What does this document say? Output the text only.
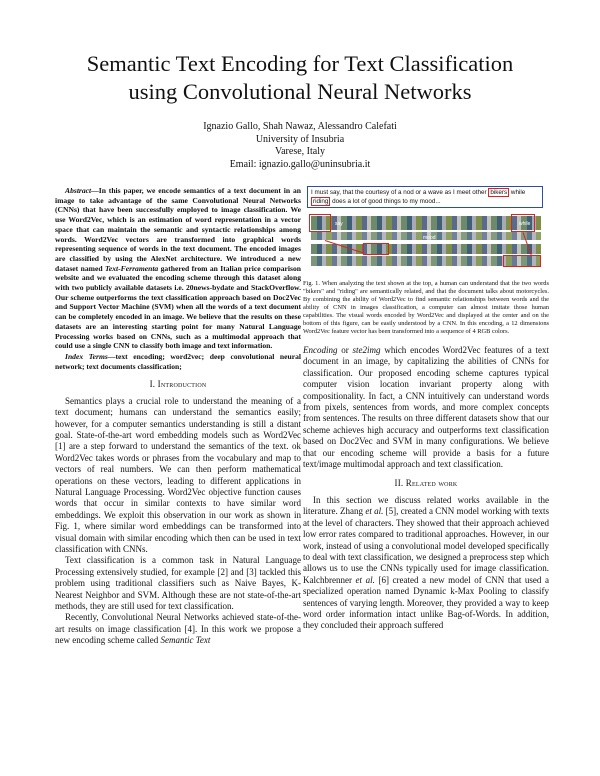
Semantic Text Encoding for Text Classification
using Convolutional Neural Networks
Ignazio Gallo, Shah Nawaz, Alessandro Calefati
University of Insubria
Varese, Italy
Email: ignazio.gallo@uninsubria.it
Abstract—In this paper, we encode semantics of a text document in an image to take advantage of the same Convolutional Neural Networks (CNNs) that have been successfully employed to image classification. We use Word2Vec, which is an estimation of word representation in a vector space that can maintain the semantic and syntactic relationships among words. Word2Vec vectors are transformed into graphical words representing sequence of words in the text document. The encoded images are classified by using the AlexNet architecture. We introduced a new dataset named Text-Ferramenta gathered from an Italian price comparison website and we evaluated the encoding scheme through this dataset along with two publicly available datasets i.e. 20news-bydate and StackOverflow. Our scheme outperforms the text classification approach based on Doc2Vec and Support Vector Machine (SVM) when all the words of a text document can be completely encoded in an image. We believe that the results on these datasets are an interesting starting point for many Natural Language Processing works based on CNNs, such as a multimodal approach that could use a single CNN to classify both image and text information.
Index Terms—text encoding; word2vec; deep convolutional neural network; text documents classification;
I. Introduction

Semantics plays a crucial role to understand the meaning of a text document; humans can understand the semantics easily; however, for a computer semantics understanding is still a distant goal. State-of-the-art word embedding models such as Word2Vec [1] are a step forward to understand the semantics of the text. ok Word2Vec takes words or phrases from the vocabulary and map to vectors of real numbers. We can then perform mathematical operations on these vectors, leading to different applications in Natural Language Processing. Word2Vec objective function causes words that occur in similar contexts to have similar word embeddings. We exploit this observation in our work as shown in Fig. 1, where similar word embeddings can be transformed into visual domain with similar encoding which then can be used in text classification with CNNs.

Text classification is a common task in Natural Language Processing extensively studied, for example [2] and [3] tackled this problem using traditional classifiers such as Naive Bayes, K-Nearest Neighbor and SVM. Although these are not state-of-the-art methods, they are still used for text classification.

Recently, Convolutional Neural Networks achieved state-of-the-art results on image classification [4]. In this work we propose a new encoding scheme called Semantic Text

I must say, that the courtesy of a nod or a wave as I meet other bikers while
riding does a lot of good things to my mood...
say	while
mood
Fig. 1. When analyzing the text shown at the top, a human can understand that the two words "bikers" and "riding" are semantically related, and that the document talks about motorcycles. By combining the ability of Word2Vec to find semantic relationships between words and the ability of CNN in images classification, a computer can almost imitate those human capabilities. The visual words encoded by Word2Vec and displayed at the center and on the bottom of this figure, can be easily understood by a CNN. In this encoding, a 12 dimensions Word2Vec feature vector has been transformed into a sequence of 4 RGB colors.

Encoding or ste2img which encodes Word2Vec features of a text document in an image, by capitalizing the abilities of CNNs for classification. Our proposed encoding scheme captures typical computer vision location invariant property along with compositionality. In fact, a CNN intuitively can understand words from pixels, sentences from words, and more complex concepts from sentences. The results on three different datasets show that our scheme achieves high accuracy and outperforms text classification based on Doc2Vec and SVM in many configurations. We believe that our encoding scheme will provide a basis for a future text/image multimodal approach and text classification.

II. Related work

In this section we discuss related works available in the literature. Zhang et al. [5], created a CNN model working with texts at the level of characters. They showed that their approach achieved low error rates compared to traditional approaches. However, in our work, instead of using a convolutional model developed specifically to deal with text classification, we designed a preprocess step which allows us to use the CNNs typically used for image classification. Kalchbrenner et al. [6] created a new model of CNN that used a specialized operation named Dynamic k-Max Pooling to classify sentences of varying length. Moreover, they provided a way to keep word order information intact unlike Bag-of-Words. In addition, they concluded their approach suffered
